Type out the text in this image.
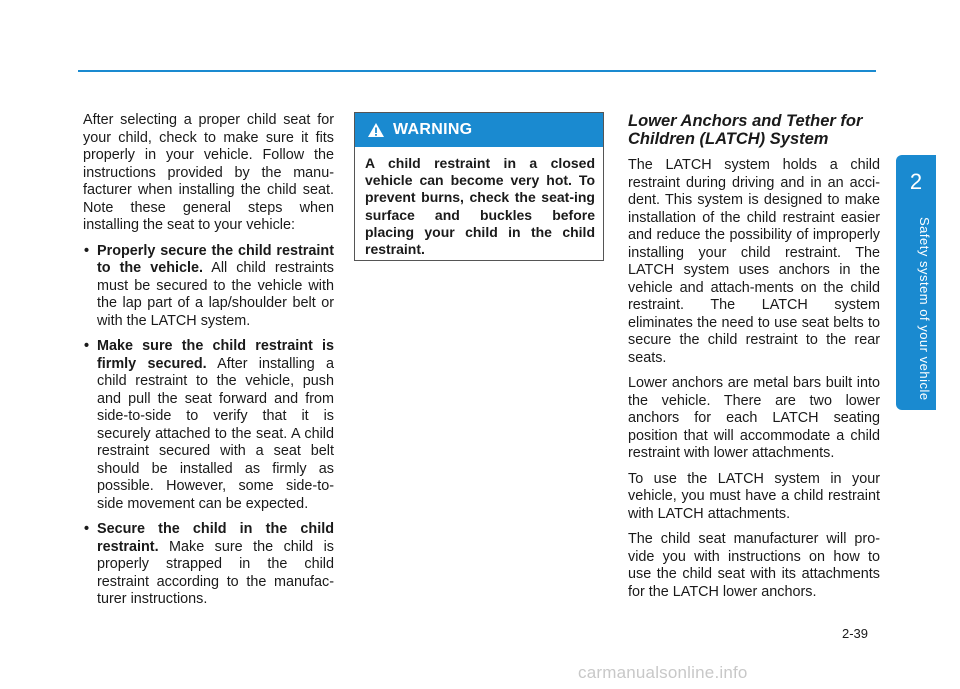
2
Safety system of your vehicle

After selecting a proper child seat for your child, check to make sure it fits properly in your vehicle. Follow the instructions provided by the manu-facturer when installing the child seat. Note these general steps when installing the seat to your vehicle:

• Properly secure the child restraint to the vehicle. All child restraints must be secured to the vehicle with the lap part of a lap/shoulder belt or with the LATCH system.
• Make sure the child restraint is firmly secured. After installing a child restraint to the vehicle, push and pull the seat forward and from side-to-side to verify that it is securely attached to the seat. A child restraint secured with a seat belt should be installed as firmly as possible. However, some side-to-side movement can be expected.
• Secure the child in the child restraint. Make sure the child is properly strapped in the child restraint according to the manufac-turer instructions.
WARNING
A child restraint in a closed vehicle can become very hot. To prevent burns, check the seat-ing surface and buckles before placing your child in the child restraint.
Lower Anchors and Tether for Children (LATCH) System

The LATCH system holds a child restraint during driving and in an acci-dent. This system is designed to make installation of the child restraint easier and reduce the possibility of improperly installing your child restraint. The LATCH system uses anchors in the vehicle and attach-ments on the child restraint. The LATCH system eliminates the need to use seat belts to secure the child restraint to the rear seats.

Lower anchors are metal bars built into the vehicle. There are two lower anchors for each LATCH seating position that will accommodate a child restraint with lower attachments.

To use the LATCH system in your vehicle, you must have a child restraint with LATCH attachments.

The child seat manufacturer will pro-vide you with instructions on how to use the child seat with its attachments for the LATCH lower anchors.

2-39
carmanualsonline.info
